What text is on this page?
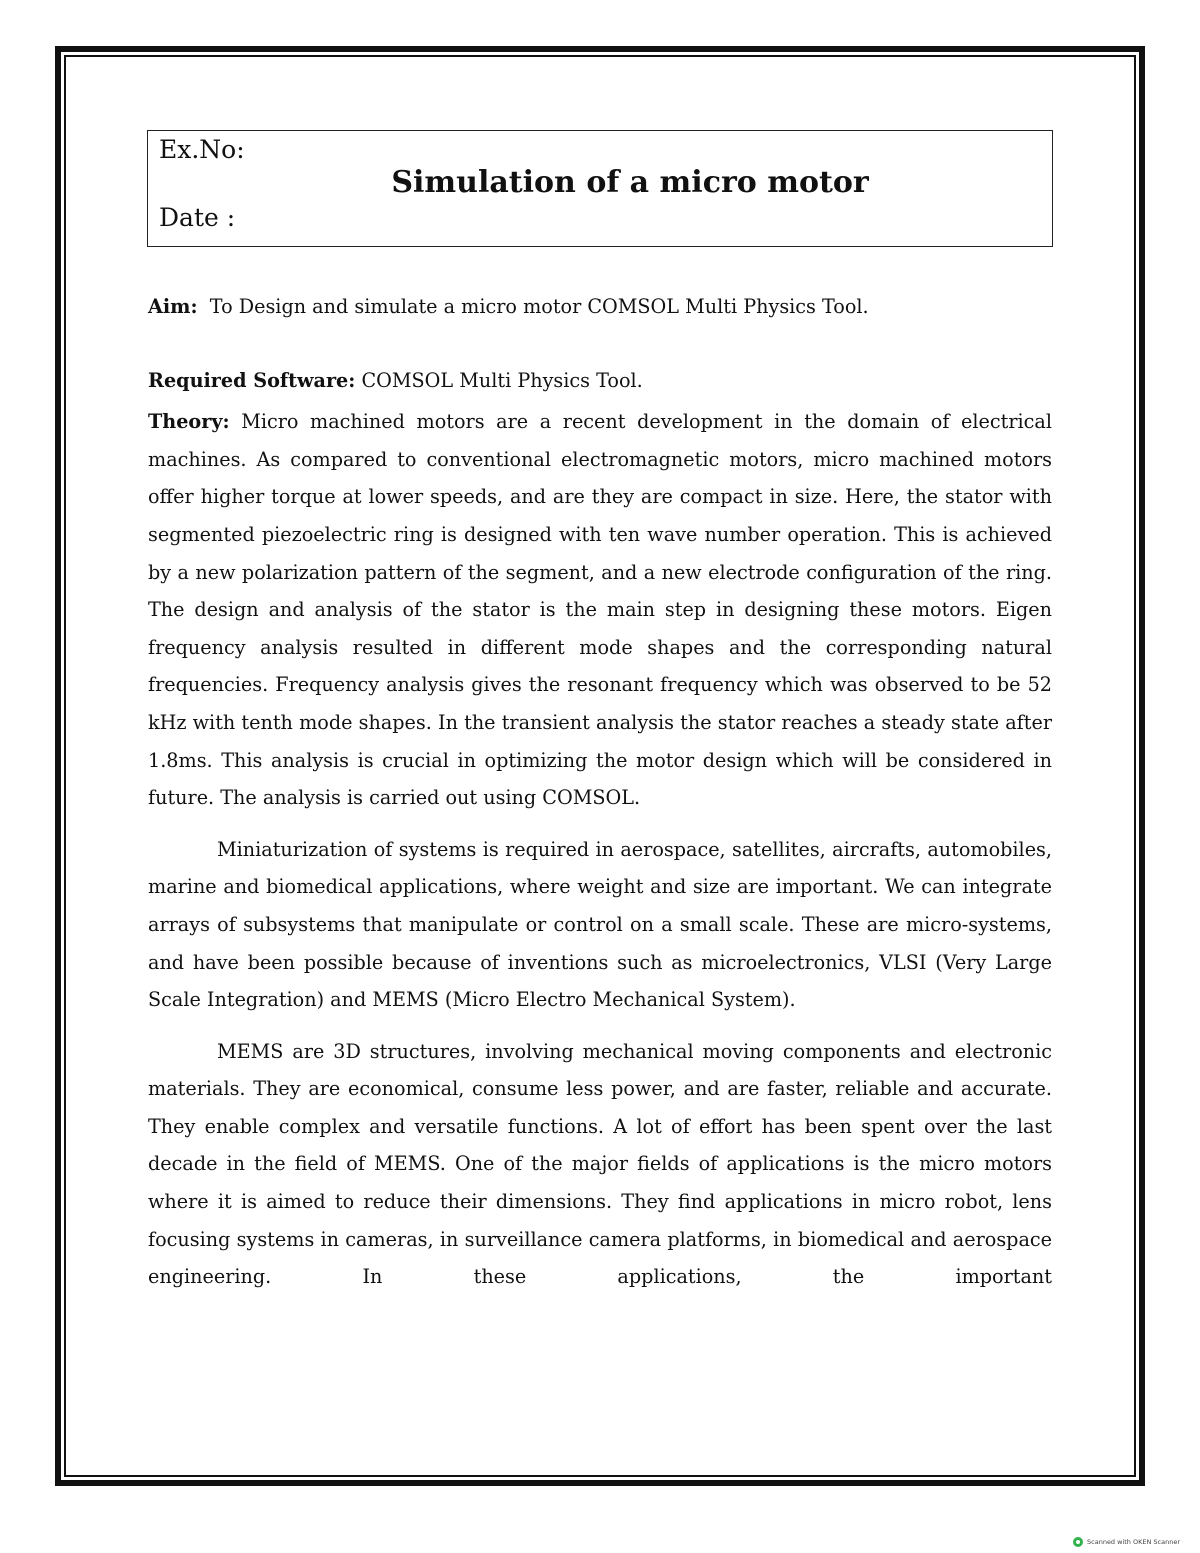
Ex.No:
Simulation of a micro motor
Date :

Aim: To Design and simulate a micro motor COMSOL Multi Physics Tool.

Required Software: COMSOL Multi Physics Tool.

Theory: Micro machined motors are a recent development in the domain of electrical machines. As compared to conventional electromagnetic motors, micro machined motors offer higher torque at lower speeds, and are they are compact in size. Here, the stator with segmented piezoelectric ring is designed with ten wave number operation. This is achieved by a new polarization pattern of the segment, and a new electrode configuration of the ring. The design and analysis of the stator is the main step in designing these motors. Eigen frequency analysis resulted in different mode shapes and the corresponding natural frequencies. Frequency analysis gives the resonant frequency which was observed to be 52 kHz with tenth mode shapes. In the transient analysis the stator reaches a steady state after 1.8ms. This analysis is crucial in optimizing the motor design which will be considered in future. The analysis is carried out using COMSOL.

Miniaturization of systems is required in aerospace, satellites, aircrafts, automobiles, marine and biomedical applications, where weight and size are important. We can integrate arrays of subsystems that manipulate or control on a small scale. These are micro-systems, and have been possible because of inventions such as microelectronics, VLSI (Very Large Scale Integration) and MEMS (Micro Electro Mechanical System).

MEMS are 3D structures, involving mechanical moving components and electronic materials. They are economical, consume less power, and are faster, reliable and accurate. They enable complex and versatile functions. A lot of effort has been spent over the last decade in the field of MEMS. One of the major fields of applications is the micro motors where it is aimed to reduce their dimensions. They find applications in micro robot, lens focusing systems in cameras, in surveillance camera platforms, in biomedical and aerospace engineering. In these applications, the important

Scanned with OKEN Scanner
